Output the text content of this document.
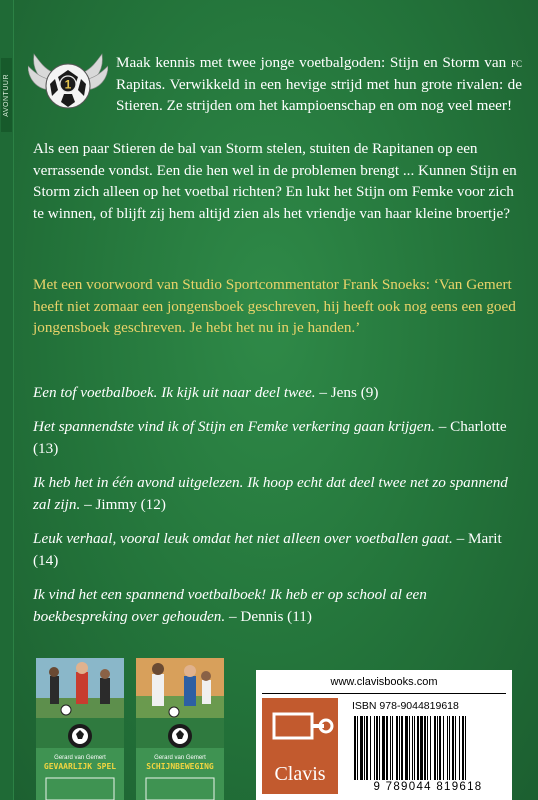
AVONTUUR	1
Maak kennis met twee jonge voetbalgoden: Stijn en Storm van fc Rapitas. Verwikkeld in een hevige strijd met hun grote rivalen: de Stieren. Ze strijden om het kampioenschap en om nog veel meer!
Als een paar Stieren de bal van Storm stelen, stuiten de Rapitanen op een verrassende vondst. Een die hen wel in de problemen brengt ... Kunnen Stijn en Storm zich alleen op het voetbal richten? En lukt het Stijn om Femke voor zich te winnen, of blijft zij hem altijd zien als het vriendje van haar kleine broertje?
Met een voorwoord van Studio Sportcommentator Frank Snoeks: ‘Van Gemert heeft niet zomaar een jongensboek geschreven, hij heeft ook nog eens een goed jongensboek geschreven. Je hebt het nu in je handen.’
Een tof voetbalboek. Ik kijk uit naar deel twee. – Jens (9)
Het spannendste vind ik of Stijn en Femke verkering gaan krijgen. – Charlotte (13)
Ik heb het in één avond uitgelezen. Ik hoop echt dat deel twee net zo spannend zal zijn. – Jimmy (12)
Leuk verhaal, vooral leuk omdat het niet alleen over voetballen gaat. – Marit (14)
Ik vind het een spannend voetbalboek! Ik heb er op school al een boekbespreking over gehouden. – Dennis (11)
Gerard van Gemert
GEVAARLIJK SPEL
Gerard van Gemert
SCHIJNBEWEGING
www.clavisbooks.com
Clavis
ISBN 978-9044819618
9 789044 819618
